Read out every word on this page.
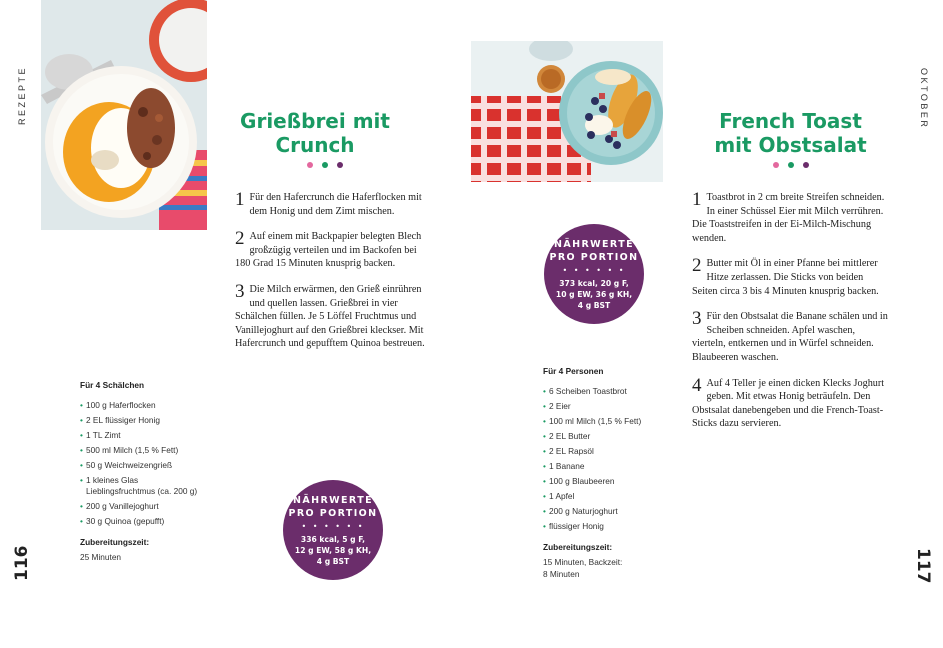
REZEPTE
116
Grießbrei mit
Crunch
1 Für den Hafercrunch die Haferflocken mit dem Honig und dem Zimt mischen.
2 Auf einem mit Backpapier belegten Blech großzügig verteilen und im Backofen bei 180 Grad 15 Minuten knusprig backen.
3 Die Milch erwärmen, den Grieß einrühren und quellen lassen. Grießbrei in vier Schälchen füllen. Je 5 Löffel Fruchtmus und Vanillejoghurt auf den Grießbrei kleckser. Mit Hafercrunch und gepufftem Quinoa bestreuen.
Für 4 Schälchen
• 100 g Haferflocken
• 2 EL flüssiger Honig
• 1 TL Zimt
• 500 ml Milch (1,5 % Fett)
• 50 g Weichweizengrieß
• 1 kleines Glas Lieblingsfruchtmus (ca. 200 g)
• 200 g Vanillejoghurt
• 30 g Quinoa (gepufft)
Zubereitungszeit:
25 Minuten
NÄHRWERTE
PRO PORTION
• • • • • •
336 kcal, 5 g F,
12 g EW, 58 g KH,
4 g BST
French Toast
mit Obstsalat
1 Toastbrot in 2 cm breite Streifen schneiden. In einer Schüssel Eier mit Milch verrühren. Die Toaststreifen in der Ei-Milch-Mischung wenden.
2 Butter mit Öl in einer Pfanne bei mittlerer Hitze zerlassen. Die Sticks von beiden Seiten circa 3 bis 4 Minuten knusprig backen.
3 Für den Obstsalat die Banane schälen und in Scheiben schneiden. Apfel waschen, vierteln, entkernen und in Würfel schneiden. Blaubeeren waschen.
4 Auf 4 Teller je einen dicken Klecks Joghurt geben. Mit etwas Honig beträufeln. Den Obstsalat danebengeben und die French-Toast-Sticks dazu servieren.
NÄHRWERTE
PRO PORTION
• • • • • •
373 kcal, 20 g F,
10 g EW, 36 g KH,
4 g BST
Für 4 Personen
• 6 Scheiben Toastbrot
• 2 Eier
• 100 ml Milch (1,5 % Fett)
• 2 EL Butter
• 2 EL Rapsöl
• 1 Banane
• 100 g Blaubeeren
• 1 Apfel
• 200 g Naturjoghurt
• flüssiger Honig
Zubereitungszeit:
15 Minuten, Backzeit:
8 Minuten
OKTOBER
117
